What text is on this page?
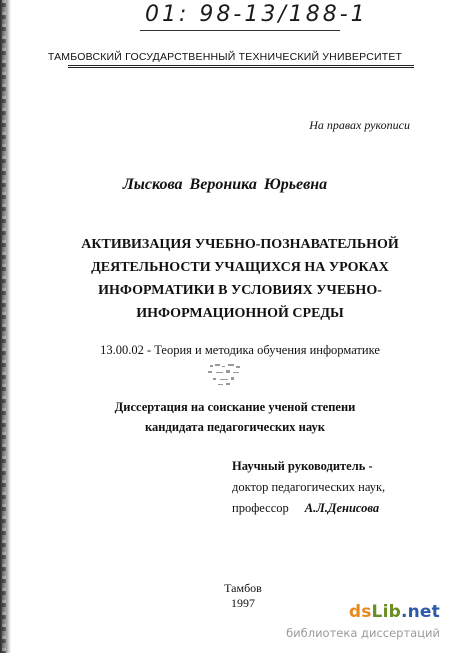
01: 98-13/188-1
ТАМБОВСКИЙ ГОСУДАРСТВЕННЫЙ ТЕХНИЧЕСКИЙ УНИВЕРСИТЕТ
На правах рукописи
Лыскова Вероника Юрьевна
АКТИВИЗАЦИЯ УЧЕБНО-ПОЗНАВАТЕЛЬНОЙ
ДЕЯТЕЛЬНОСТИ УЧАЩИХСЯ НА УРОКАХ
ИНФОРМАТИКИ В УСЛОВИЯХ УЧЕБНО-
ИНФОРМАЦИОННОЙ СРЕДЫ
13.00.02 - Теория и методика обучения информатике
Диссертация на соискание ученой степени
кандидата педагогических наук
Научный руководитель -
доктор педагогических наук,
профессор А.Л.Денисова
Тамбов
1997	dsLib.net
библиотека диссертаций
